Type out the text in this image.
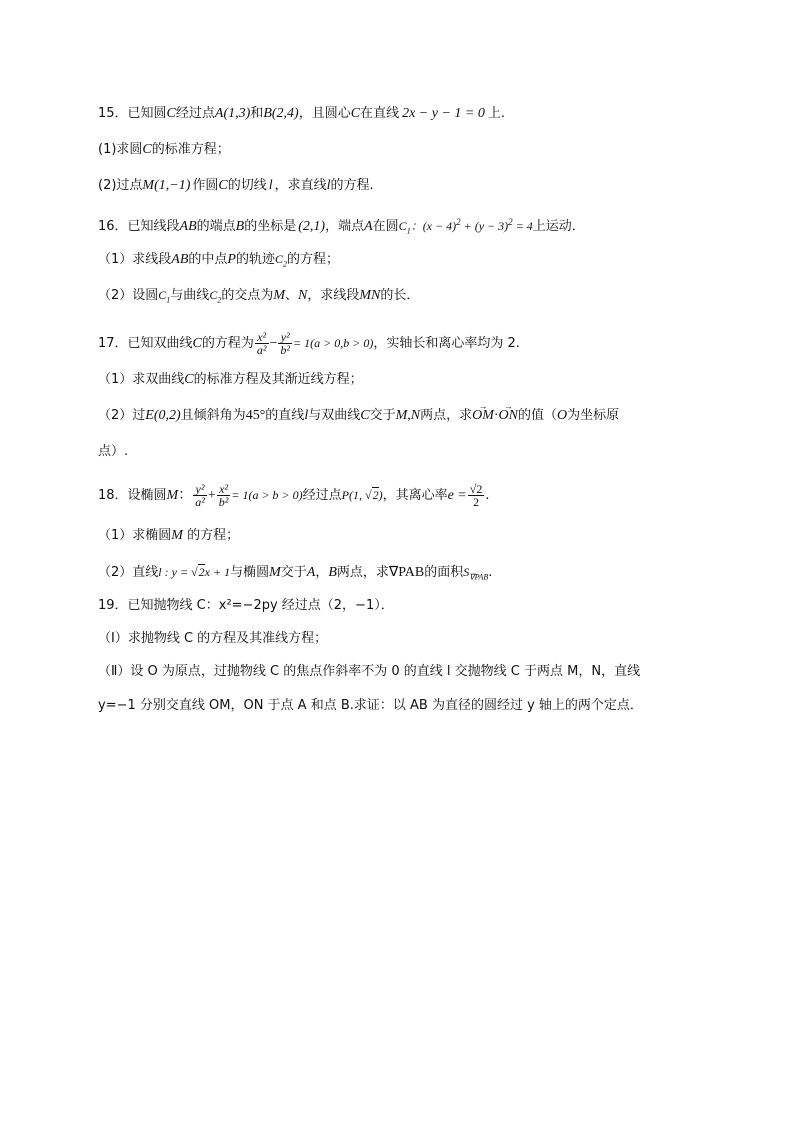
15．已知圆C经过点A(1,3)和B(2,4)，且圆心C在直线 2x − y − 1 = 0 上.
(1)求圆C的标准方程；
(2)过点M(1,−1) 作圆C的切线 l ，求直线l的方程.
16．已知线段AB的端点B的坐标是 (2,1)，端点A在圆$C_1$：$(x - 4)^2 + (y - 3)^2 = 4$上运动．
（1）求线段AB的中点P的轨迹$C_2$的方程；
（2）设圆$C_1$与曲线$C_2$的交点为M、N，求线段MN的长．
17．已知双曲线C的方程为 $\frac{\text{x²}}{\text{a²}} - \frac{\text{y²}}{\text{b²}} = 1(a > 0,b > 0)$，实轴长和离心率均为 2.
（1）求双曲线C的标准方程及其渐近线方程；
（2）过E(0,2)且倾斜角为45°的直线l与双曲线C交于M,N两点，求→ OM·→ ON的值（O为坐标原
点）.
18．设椭圆M： $\frac{\text{y²}}{\text{a²}} + \frac{\text{x²}}{\text{b²}} = 1(a > b > 0)$经过点P(1, √2)，其离心率$e = \frac{√2}{2}$ .
（1）求椭圆M 的方程；
（2）直线l : y = √2x + 1与椭圆M交于A，B两点，求∇PAB的面积$S_{\nabla PAB}$.
19．已知抛物线 C：x²=−2py 经过点（2，−1）．
（Ⅰ）求抛物线 C 的方程及其准线方程；
（Ⅱ）设 O 为原点，过抛物线 C 的焦点作斜率不为 0 的直线 l 交抛物线 C 于两点 M，N，直线
y=−1 分别交直线 OM，ON 于点 A 和点 B.求证：以 AB 为直径的圆经过 y 轴上的两个定点．
